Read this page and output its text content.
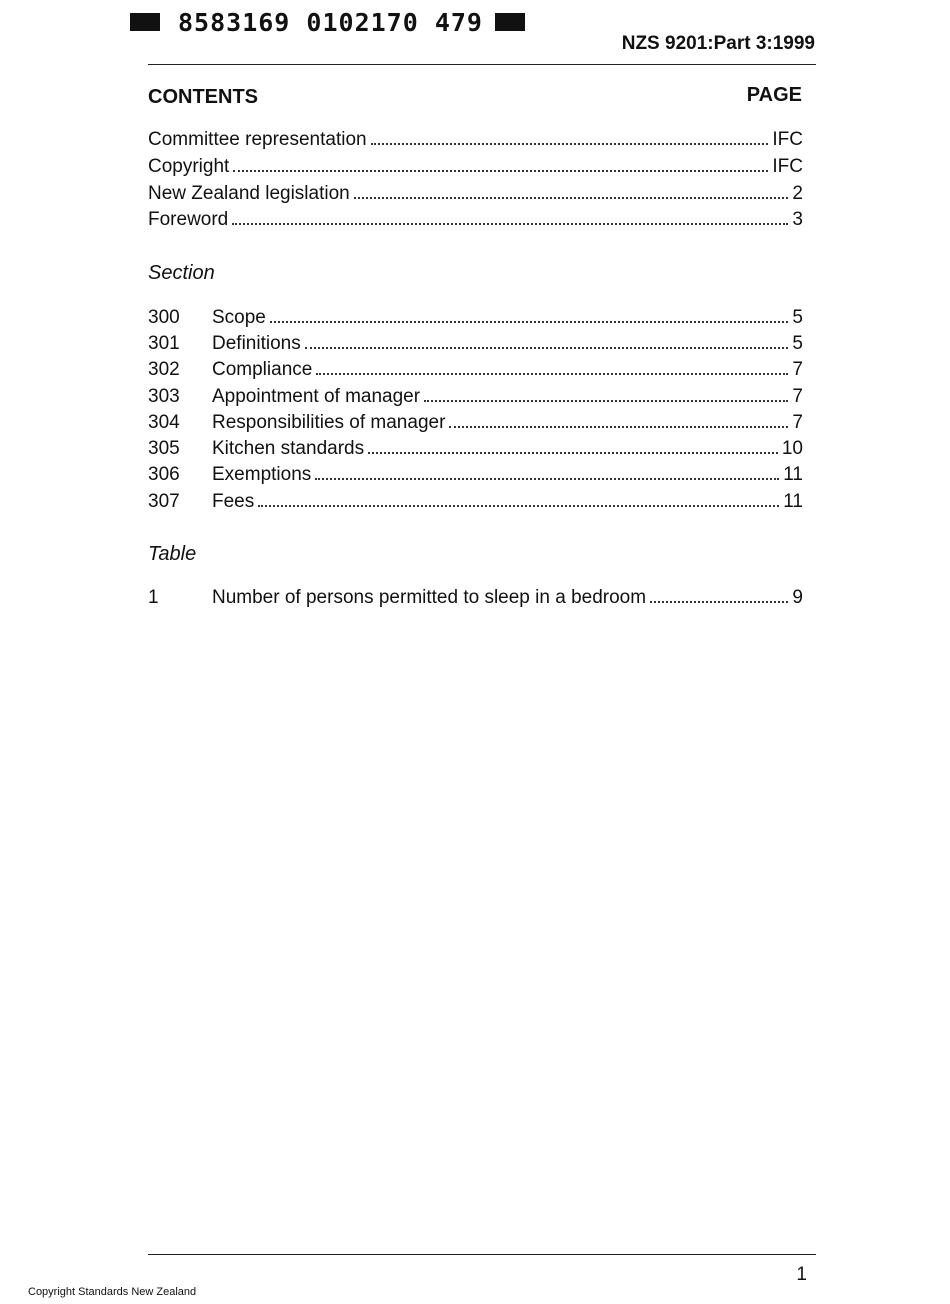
8583169 0102170 479
NZS 9201:Part 3:1999
CONTENTS	PAGE
Committee representation	IFC
Copyright	IFC
New Zealand legislation	2
Foreword	3
Section
300	Scope	5
301	Definitions	5
302	Compliance	7
303	Appointment of manager	7
304	Responsibilities of manager	7
305	Kitchen standards	10
306	Exemptions	11
307	Fees	11
Table
1	Number of persons permitted to sleep in a bedroom	9
1
Copyright Standards New Zealand
